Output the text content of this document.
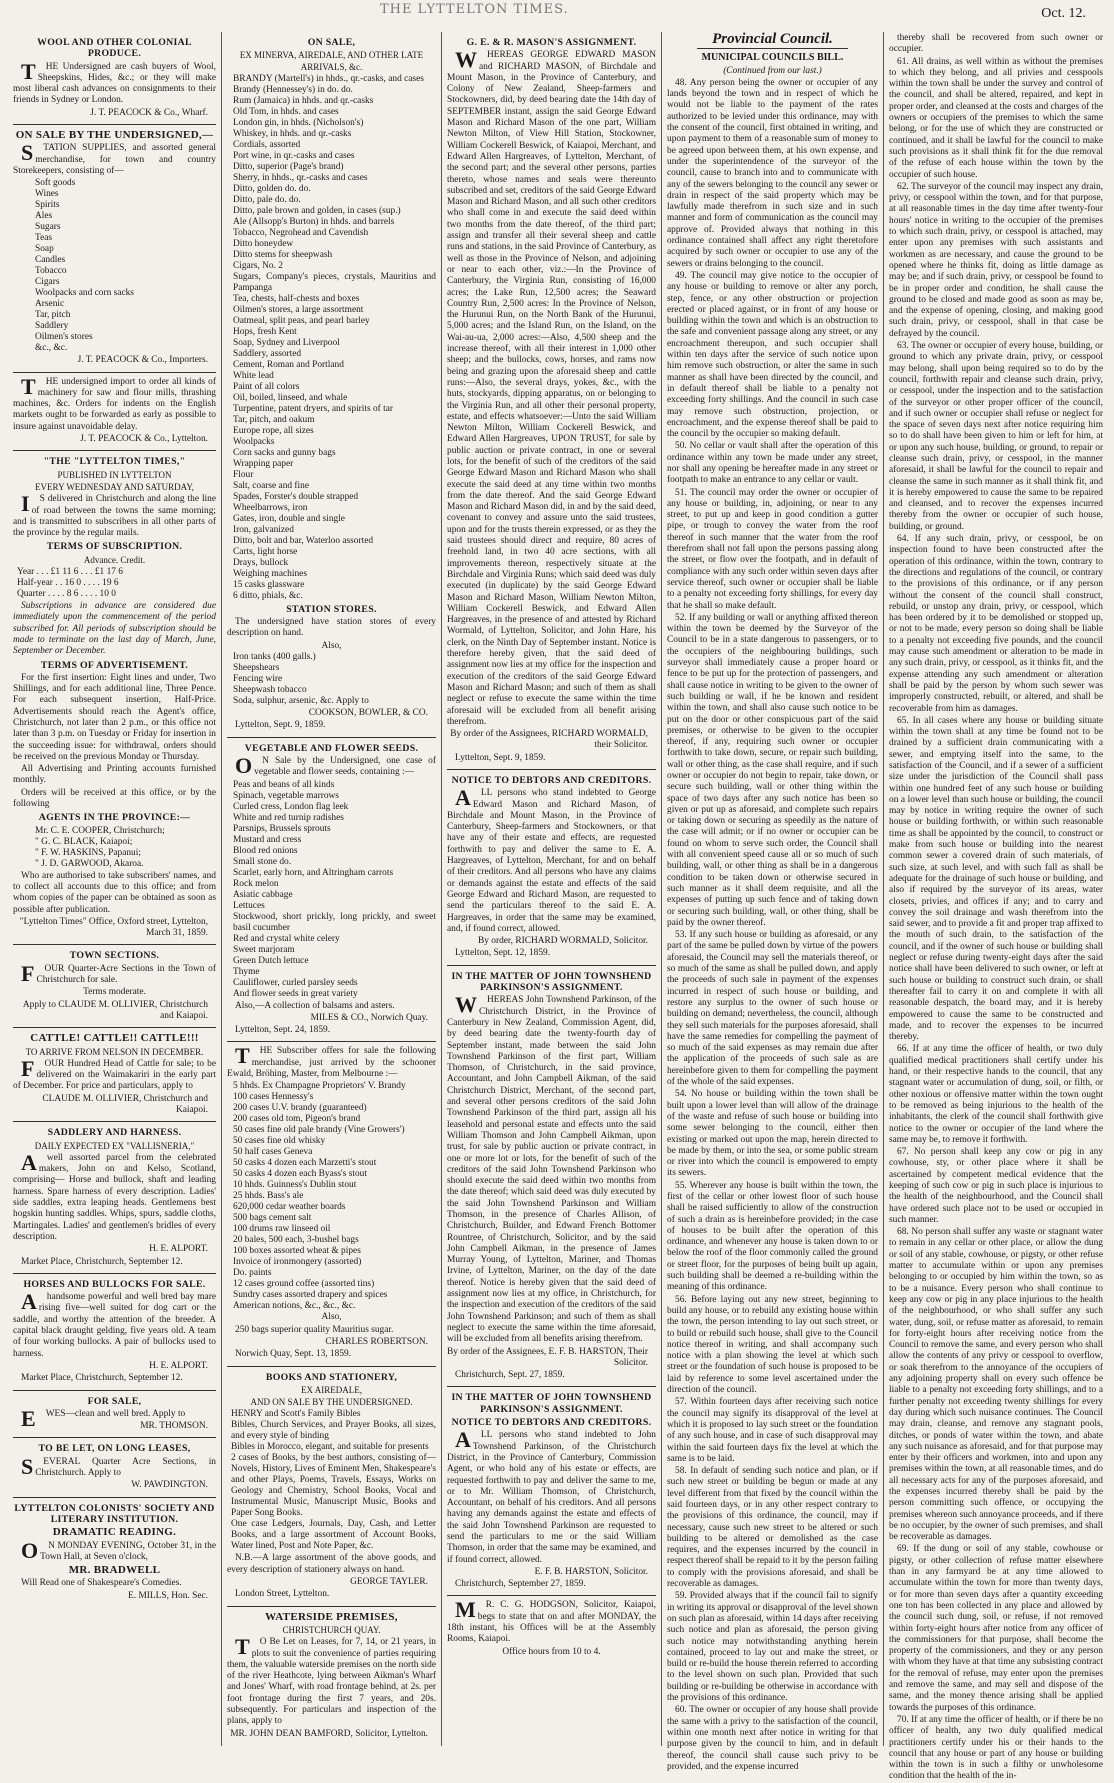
THE LYTTELTON TIMES.	Oct. 12.
WOOL AND OTHER COLONIAL PRODUCE.
THE Undersigned are cash buyers of Wool, Sheepskins, Hides, &c.; or they will make most liberal cash advances on consignments to their friends in Sydney or London.
J. T. PEACOCK & Co., Wharf.
ON SALE BY THE UNDERSIGNED,—
STATION SUPPLIES, and assorted general merchandise, for town and country Storekeepers, consisting of—
Soft goods
Wines
Spirits
Ales
Sugars
Teas
Soap
Candles
Tobacco
Cigars
Woolpacks and corn sacks
Arsenic
Tar, pitch
Saddlery
Oilmen's stores
&c., &c.
J. T. PEACOCK & Co., Importers.
THE undersigned import to order all kinds of machinery for saw and flour mills, thrashing machines, &c. Orders for indents on the English markets ought to be forwarded as early as possible to insure against unavoidable delay.
J. T. PEACOCK & Co., Lyttelton.
"THE "LYTTELTON TIMES,"
PUBLISHED IN LYTTELTON
EVERY WEDNESDAY AND SATURDAY,
IS delivered in Christchurch and along the line of road between the towns the same morning; and is transmitted to subscribers in all other parts of the province by the regular mails.
TERMS OF SUBSCRIPTION.
Advance. Credit.
Year . . . £1 11 6 . . . £1 17 6
Half-year . . 16 0 . . . . 19 6
Quarter . . . . 8 6 . . . . 10 0
Subscriptions in advance are considered due immediately upon the commencement of the period subscribed for. All periods of subscription should be made to terminate on the last day of March, June, September or December.
TERMS OF ADVERTISEMENT.
For the first insertion: Eight lines and under, Two Shillings, and for each additional line, Three Pence. For each subsequent insertion, Half-Price. Advertisements should reach the Agent's office, Christchurch, not later than 2 p.m., or this office not later than 3 p.m. on Tuesday or Friday for insertion in the succeeding issue: for withdrawal, orders should be received on the previous Monday or Thursday.
All Advertising and Printing accounts furnished monthly.
Orders will be received at this office, or by the following
AGENTS IN THE PROVINCE:—
Mr. C. E. COOPER, Christchurch;
" G. C. BLACK, Kaiapoi;
" F. W. HASKINS, Papanui;
" J. D. GARWOOD, Akaroa.
Who are authorised to take subscribers' names, and to collect all accounts due to this office; and from whom copies of the paper can be obtained as soon as possible after publication.
"Lyttelton Times" Office, Oxford street, Lyttelton, March 31, 1859.
TOWN SECTIONS.
FOUR Quarter-Acre Sections in the Town of Christchurch for sale.
Terms moderate.
Apply to CLAUDE M. OLLIVIER, Christchurch and Kaiapoi.
CATTLE! CATTLE!! CATTLE!!!
TO ARRIVE FROM NELSON IN DECEMBER.
FOUR Hundred Head of Cattle for sale; to be delivered on the Waimakariri in the early part of December. For price and particulars, apply to
CLAUDE M. OLLIVIER, Christchurch and Kaiapoi.
SADDLERY AND HARNESS.
DAILY EXPECTED EX "VALLISNERIA,"
Awell assorted parcel from the celebrated makers, John on and Kelso, Scotland, comprising— Horse and bullock, shaft and leading harness. Spare harness of every description. Ladies' side saddles, extra leaping heads. Gentlemens best hogskin hunting saddles. Whips, spurs, saddle cloths, Martingales. Ladies' and gentlemen's bridles of every description.
H. E. ALPORT.
Market Place, Christchurch, September 12.
HORSES AND BULLOCKS FOR SALE.
Ahandsome powerful and well bred bay mare rising five—well suited for dog cart or the saddle, and worthy the attention of the breeder. A capital black draught gelding, five years old. A team of four working bullocks. A pair of bullocks used to harness.
H. E. ALPORT.
Market Place, Christchurch, September 12.
FOR SALE,
EWES—clean and well bred. Apply to
MR. THOMSON.
TO BE LET, ON LONG LEASES,
SEVERAL Quarter Acre Sections, in Christchurch. Apply to
W. PAWDINGTON.
LYTTELTON COLONISTS' SOCIETY AND LITERARY INSTITUTION.
DRAMATIC READING.
ON MONDAY EVENING, October 31, in the Town Hall, at Seven o'clock,
MR. BRADWELL
Will Read one of Shakespeare's Comedies.
E. MILLS, Hon. Sec.
ON SALE,
EX MINERVA, AIREDALE, AND OTHER LATE ARRIVALS, &c.
BRANDY (Martell's) in hhds., qr.-casks, and cases
Brandy (Hennessey's) in do. do.
Rum (Jamaica) in hhds. and qr.-casks
Old Tom, in hhds. and cases
London gin, in hhds. (Nicholson's)
Whiskey, in hhds. and qr.-casks
Cordials, assorted
Port wine, in qr.-casks and cases
Ditto, superior (Page's brand)
Sherry, in hhds., qr.-casks and cases
Ditto, golden do. do.
Ditto, pale do. do.
Ditto, pale brown and golden, in cases (sup.)
Ale (Allsopp's Burton) in hhds. and barrels
Tobacco, Negrohead and Cavendish
Ditto honeydew
Ditto stems for sheepwash
Cigars, No. 2
Sugars, Company's pieces, crystals, Mauritius and Pampanga
Tea, chests, half-chests and boxes
Oilmen's stores, a large assortment
Oatmeal, split peas, and pearl barley
Hops, fresh Kent
Soap, Sydney and Liverpool
Saddlery, assorted
Cement, Roman and Portland
White lead
Paint of all colors
Oil, boiled, linseed, and whale
Turpentine, patent dryers, and spirits of tar
Tar, pitch, and oakum
Europe rope, all sizes
Woolpacks
Corn sacks and gunny bags
Wrapping paper
Flour
Salt, coarse and fine
Spades, Forster's double strapped
Wheelbarrows, iron
Gates, iron, double and single
Iron, galvanized
Ditto, bolt and bar, Waterloo assorted
Carts, light horse
Drays, bullock
Weighing machines
15 casks glassware
6 ditto, phials, &c.
STATION STORES.
The undersigned have station stores of every description on hand.
Also,
Iron tanks (400 galls.)
Sheepshears
Fencing wire
Sheepwash tobacco
Soda, sulphur, arsenic, &c. Apply to
COOKSON, BOWLER, & CO.
Lyttelton, Sept. 9, 1859.
VEGETABLE AND FLOWER SEEDS.
ON Sale by the Undersigned, one case of vegetable and flower seeds, containing :—
Peas and beans of all kinds
Spinach, vegetable marrows
Curled cress, London flag leek
White and red turnip radishes
Parsnips, Brussels sprouts
Mustard and cress
Blood red onions
Small stone do.
Scarlet, early horn, and Altringham carrots
Rock melon
Asiatic cabbage
Lettuces
Stockwood, short prickly, long prickly, and sweet basil cucumber
Red and crystal white celery
Sweet marjoram
Green Dutch lettuce
Thyme
Cauliflower, curled parsley seeds
And flower seeds in great variety
Also,—A collection of balsams and asters.
MILES & CO., Norwich Quay.
Lyttelton, Sept. 24, 1859.
THE Subscriber offers for sale the following merchandise, just arrived by the schooner Ewald, Bröhing, Master, from Melbourne :—
5 hhds. Ex Champagne Proprietors' V. Brandy
100 cases Hennessy's
200 cases U.V. brandy (guaranteed)
200 cases old tom, Pigeon's brand
50 cases fine old pale brandy (Vine Growers')
50 cases fine old whisky
50 half cases Geneva
50 casks 4 dozen each Marzetti's stout
50 casks 4 dozen each Byass's stout
10 hhds. Guinness's Dublin stout
25 hhds. Bass's ale
620,000 cedar weather boards
500 bags cement salt
100 drums raw linseed oil
20 bales, 500 each, 3-bushel bags
100 boxes assorted wheat & pipes
Invoice of ironmongery (assorted)
Do. paints
12 cases ground coffee (assorted tins)
Sundry cases assorted drapery and spices
American notions, &c., &c., &c.
Also,
250 bags superior quality Mauritius sugar.
CHARLES ROBERTSON.
Norwich Quay, Sept. 13, 1859.
BOOKS AND STATIONERY,
EX AIREDALE,
AND ON SALE BY THE UNDERSIGNED.
HENRY and Scott's Family Bibles
Bibles, Church Services, and Prayer Books, all sizes, and every style of binding
Bibles in Morocco, elegant, and suitable for presents
2 cases of Books, by the best authors, consisting of—Novels, History, Lives of Eminent Men, Shakespeare's and other Plays, Poems, Travels, Essays, Works on Geology and Chemistry, School Books, Vocal and Instrumental Music, Manuscript Music, Books and Paper Song Books.
One case Ledgers, Journals, Day, Cash, and Letter Books, and a large assortment of Account Books, Water lined, Post and Note Paper, &c.
N.B.—A large assortment of the above goods, and every description of stationery always on hand.
GEORGE TAYLER.
London Street, Lyttelton.
WATERSIDE PREMISES,
CHRISTCHURCH QUAY.
TO Be Let on Leases, for 7, 14, or 21 years, in plots to suit the convenience of parties requiring them, the valuable waterside premises on the north side of the river Heathcote, lying between Aikman's Wharf and Jones' Wharf, with road frontage behind, at 2s. per foot frontage during the first 7 years, and 20s. subsequently. For particulars and inspection of the plans, apply to
MR. JOHN DEAN BAMFORD, Solicitor, Lyttelton.
G. E. & R. MASON'S ASSIGNMENT.
WHEREAS GEORGE EDWARD MASON and RICHARD MASON, of Birchdale and Mount Mason, in the Province of Canterbury, and Colony of New Zealand, Sheep-farmers and Stockowners, did, by deed bearing date the 14th day of SEPTEMBER instant, assign the said George Edward Mason and Richard Mason of the one part, William Newton Milton, of View Hill Station, Stockowner, William Cockerell Beswick, of Kaiapoi, Merchant, and Edward Allen Hargreaves, of Lyttelton, Merchant, of the second part; and the several other persons, parties thereto, whose names and seals were thereunto subscribed and set, creditors of the said George Edward Mason and Richard Mason, and all such other creditors who shall come in and execute the said deed within two months from the date thereof, of the third part; assign and transfer all their several sheep and cattle runs and stations, in the said Province of Canterbury, as well as those in the Province of Nelson, and adjoining or near to each other, viz.:—In the Province of Canterbury, the Virginia Run, consisting of 16,000 acres; the Lake Run, 12,500 acres; the Seaward Country Run, 2,500 acres: In the Province of Nelson, the Hurunui Run, on the North Bank of the Hurunui, 5,000 acres; and the Island Run, on the Island, on the Wai-au-ua, 2,000 acres:—Also, 4,500 sheep and the increase thereof, with all their interest in 1,000 other sheep; and the bullocks, cows, horses, and rams now being and grazing upon the aforesaid sheep and cattle runs:—Also, the several drays, yokes, &c., with the huts, stockyards, dipping apparatus, on or belonging to the Virginia Run, and all other their personal property, estate, and effects whatsoever:—Unto the said William Newton Milton, William Cockerell Beswick, and Edward Allen Hargreaves, UPON TRUST, for sale by public auction or private contract, in one or several lots, for the benefit of such of the creditors of the said George Edward Mason and Richard Mason who shall execute the said deed at any time within two months from the date thereof. And the said George Edward Mason and Richard Mason did, in and by the said deed, covenant to convey and assure unto the said trustees, upon and for the trusts therein expressed, or as they the said trustees should direct and require, 80 acres of freehold land, in two 40 acre sections, with all improvements thereon, respectively situate at the Birchdale and Virginia Runs; which said deed was duly executed (in duplicate) by the said George Edward Mason and Richard Mason, William Newton Milton, William Cockerell Beswick, and Edward Allen Hargreaves, in the presence of and attested by Richard Wormald, of Lyttelton, Solicitor, and John Hare, his clerk, on the Ninth Day of September instant. Notice is therefore hereby given, that the said deed of assignment now lies at my office for the inspection and execution of the creditors of the said George Edward Mason and Richard Mason; and such of them as shall neglect or refuse to execute the same within the time aforesaid will be excluded from all benefit arising therefrom.
By order of the Assignees, RICHARD WORMALD, their Solicitor.
Lyttelton, Sept. 9, 1859.
NOTICE TO DEBTORS AND CREDITORS.
ALL persons who stand indebted to George Edward Mason and Richard Mason, of Birchdale and Mount Mason, in the Province of Canterbury, Sheep-farmers and Stockowners, or that have any of their estate and effects, are requested forthwith to pay and deliver the same to E. A. Hargreaves, of Lyttelton, Merchant, for and on behalf of their creditors. And all persons who have any claims or demands against the estate and effects of the said George Edward and Richard Mason, are requested to send the particulars thereof to the said E. A. Hargreaves, in order that the same may be examined, and, if found correct, allowed.
By order, RICHARD WORMALD, Solicitor.
Lyttelton, Sept. 12, 1859.
IN THE MATTER OF JOHN TOWNSHEND PARKINSON'S ASSIGNMENT.
WHEREAS John Townshend Parkinson, of the Christchurch District, in the Province of Canterbury in New Zealand, Commission Agent, did, by deed bearing date the twenty-fourth day of September instant, made between the said John Townshend Parkinson of the first part, William Thomson, of Christchurch, in the said province, Accountant, and John Campbell Aikman, of the said Christchurch District, Merchant, of the second part, and several other persons creditors of the said John Townshend Parkinson of the third part, assign all his leasehold and personal estate and effects unto the said William Thomson and John Campbell Aikman, upon trust, for sale by public auction or private contract, in one or more lot or lots, for the benefit of such of the creditors of the said John Townshend Parkinson who should execute the said deed within two months from the date thereof; which said deed was duly executed by the said John Townshend Parkinson and William Thomson, in the presence of Charles Allison, of Christchurch, Builder, and Edward French Bottomer Rountree, of Christchurch, Solicitor, and by the said John Campbell Aikman, in the presence of James Murray Young, of Lyttelton, Mariner, and Thomas Irvine, of Lyttelton, Mariner, on the day of the date thereof. Notice is hereby given that the said deed of assignment now lies at my office, in Christchurch, for the inspection and execution of the creditors of the said John Townshend Parkinson; and such of them as shall neglect to execute the same within the time aforesaid, will be excluded from all benefits arising therefrom.
By order of the Assignees, E. F. B. HARSTON, Their Solicitor.
Christchurch, Sept. 27, 1859.
IN THE MATTER OF JOHN TOWNSHEND PARKINSON'S ASSIGNMENT.
NOTICE TO DEBTORS AND CREDITORS.
ALL persons who stand indebted to John Townshend Parkinson, of the Christchurch District, in the Province of Canterbury, Commission Agent, or who hold any of his estate or effects, are requested forthwith to pay and deliver the same to me, or to Mr. William Thomson, of Christchurch, Accountant, on behalf of his creditors. And all persons having any demands against the estate and effects of the said John Townshend Parkinson are requested to send the particulars to me or the said William Thomson, in order that the same may be examined, and if found correct, allowed.
E. F. B. HARSTON, Solicitor.
Christchurch, September 27, 1859.
MR. C. G. HODGSON, Solicitor, Kaiapoi, begs to state that on and after MONDAY, the 18th instant, his Offices will be at the Assembly Rooms, Kaiapoi.
Office hours from 10 to 4.
Provincial Council.
MUNICIPAL COUNCILS BILL.
(Continued from our last.)
48. Any person being the owner or occupier of any lands beyond the town and in respect of which he would not be liable to the payment of the rates authorized to be levied under this ordinance, may with the consent of the council, first obtained in writing, and upon payment to them of a reasonable sum of money to be agreed upon between them, at his own expense, and under the superintendence of the surveyor of the council, cause to branch into and to communicate with any of the sewers belonging to the council any sewer or drain in respect of the said property which may be lawfully made therefrom in such size and in such manner and form of communication as the council may approve of. Provided always that nothing in this ordinance contained shall affect any right theretofore acquired by such owner or occupier to use any of the sewers or drains belonging to the council.
49. The council may give notice to the occupier of any house or building to remove or alter any porch, step, fence, or any other obstruction or projection erected or placed against, or in front of any house or building within the town and which is an obstruction to the safe and convenient passage along any street, or any encroachment thereupon, and such occupier shall within ten days after the service of such notice upon him remove such obstruction, or alter the same in such manner as shall have been directed by the council, and in default thereof shall be liable to a penalty not exceeding forty shillings. And the council in such case may remove such obstruction, projection, or encroachment, and the expense thereof shall be paid to the council by the occupier so making default.
50. No cellar or vault shall after the operation of this ordinance within any town be made under any street, nor shall any opening be hereafter made in any street or footpath to make an entrance to any cellar or vault.
51. The council may order the owner or occupier of any house or building, in, adjoining, or near to any street, to put up and keep in good condition a gutter pipe, or trough to convey the water from the roof thereof in such manner that the water from the roof therefrom shall not fall upon the persons passing along the street, or flow over the footpath, and in default of compliance with any such order within seven days after service thereof, such owner or occupier shall be liable to a penalty not exceeding forty shillings, for every day that he shall so make default.
52. If any building or wall or anything affixed thereon within the town be deemed by the Surveyor of the Council to be in a state dangerous to passengers, or to the occupiers of the neighbouring buildings, such surveyor shall immediately cause a proper hoard or fence to be put up for the protection of passengers, and shall cause notice in writing to be given to the owner of such building or wall, if he be known and resident within the town, and shall also cause such notice to be put on the door or other conspicuous part of the said premises, or otherwise to be given to the occupier thereof, if any, requiring such owner or occupier forthwith to take down, secure, or repair such building, wall or other thing, as the case shall require, and if such owner or occupier do not begin to repair, take down, or secure such building, wall or other thing within the space of two days after any such notice has been so given or put up as aforesaid, and complete such repairs or taking down or securing as speedily as the nature of the case will admit; or if no owner or occupier can be found on whom to serve such order, the Council shall with all convenient speed cause all or so much of such building, wall, or other thing as shall be in a dangerous condition to be taken down or otherwise secured in such manner as it shall deem requisite, and all the expenses of putting up such fence and of taking down or securing such building, wall, or other thing, shall be paid by the owner thereof.
53. If any such house or building as aforesaid, or any part of the same be pulled down by virtue of the powers aforesaid, the Council may sell the materials thereof, or so much of the same as shall be pulled down, and apply the proceeds of such sale in payment of the expenses incurred in respect of such house or building, and restore any surplus to the owner of such house or building on demand; nevertheless, the council, although they sell such materials for the purposes aforesaid, shall have the same remedies for compelling the payment of so much of the said expenses as may remain due after the application of the proceeds of such sale as are hereinbefore given to them for compelling the payment of the whole of the said expenses.
54. No house or building within the town shall be built upon a lower level than will allow of the drainage of the waste and refuse of such house or building into some sewer belonging to the council, either then existing or marked out upon the map, herein directed to be made by them, or into the sea, or some public stream or river into which the council is empowered to empty its sewers.
55. Wherever any house is built within the town, the first of the cellar or other lowest floor of such house shall be raised sufficiently to allow of the construction of such a drain as is hereinbefore provided; in the case of houses to be built after the operation of this ordinance, and whenever any house is taken down to or below the roof of the floor commonly called the ground or street floor, for the purposes of being built up again, such building shall be deemed a re-building within the meaning of this ordinance.
56. Before laying out any new street, beginning to build any house, or to rebuild any existing house within the town, the person intending to lay out such street, or to build or rebuild such house, shall give to the Council notice thereof in writing, and shall accompany such notice with a plan showing the level at which such street or the foundation of such house is proposed to be laid by reference to some level ascertained under the direction of the council.
57. Within fourteen days after receiving such notice the council may signify its disapproval of the level at which it is proposed to lay such street or the foundation of any such house, and in case of such disapproval may within the said fourteen days fix the level at which the same is to be laid.
58. In default of sending such notice and plan, or if such new street or building be begun or made at any level different from that fixed by the council within the said fourteen days, or in any other respect contrary to the provisions of this ordinance, the council, may if necessary, cause such new street to be altered or such building to be altered or demolished as the case requires, and the expenses incurred by the council in respect thereof shall be repaid to it by the person failing to comply with the provisions aforesaid, and shall be recoverable as damages.
59. Provided always that if the council fail to signify in writing its approval or disapproval of the level shown on such plan as aforesaid, within 14 days after receiving such notice and plan as aforesaid, the person giving such notice may notwithstanding anything herein contained, proceed to lay out and make the street, or build or re-build the house therein referred to according to the level shown on such plan. Provided that such building or re-building be otherwise in accordance with the provisions of this ordinance.
60. The owner or occupier of any house shall provide the same with a privy to the satisfaction of the council, within one month next after notice in writing for that purpose given by the council to him, and in default thereof, the council shall cause such privy to be provided, and the expense incurred
thereby shall be recovered from such owner or occupier.
61. All drains, as well within as without the premises to which they belong, and all privies and cesspools within the town shall be under the survey and control of the council, and shall be altered, repaired, and kept in proper order, and cleansed at the costs and charges of the owners or occupiers of the premises to which the same belong, or for the use of which they are constructed or continued, and it shall be lawful for the council to make such provisions as it shall think fit for the due removal of the refuse of each house within the town by the occupier of such house.
62. The surveyor of the council may inspect any drain, privy, or cesspool within the town, and for that purpose, at all reasonable times in the day time after twenty-four hours' notice in writing to the occupier of the premises to which such drain, privy, or cesspool is attached, may enter upon any premises with such assistants and workmen as are necessary, and cause the ground to be opened where he thinks fit, doing as little damage as may be; and if such drain, privy, or cesspool be found to be in proper order and condition, he shall cause the ground to be closed and made good as soon as may be, and the expense of opening, closing, and making good such drain, privy, or cesspool, shall in that case be defrayed by the council.
63. The owner or occupier of every house, building, or ground to which any private drain, privy, or cesspool may belong, shall upon being required so to do by the council, forthwith repair and cleanse such drain, privy, or cesspool, under the inspection and to the satisfaction of the surveyor or other proper officer of the council, and if such owner or occupier shall refuse or neglect for the space of seven days next after notice requiring him so to do shall have been given to him or left for him, at or upon any such house, building, or ground, to repair or cleanse such drain, privy, or cesspool, in the manner aforesaid, it shall be lawful for the council to repair and cleanse the same in such manner as it shall think fit, and it is hereby empowered to cause the same to be repaired and cleansed, and to recover the expenses incurred thereby from the owner or occupier of such house, building, or ground.
64. If any such drain, privy, or cesspool, be on inspection found to have been constructed after the operation of this ordinance, within the town, contrary to the directions and regulations of the council, or contrary to the provisions of this ordinance, or if any person without the consent of the council shall construct, rebuild, or unstop any drain, privy, or cesspool, which has been ordered by it to be demolished or stopped up, or not to be made, every person so doing shall be liable to a penalty not exceeding five pounds, and the council may cause such amendment or alteration to be made in any such drain, privy, or cesspool, as it thinks fit, and the expense attending any such amendment or alteration shall be paid by the person by whom such sewer was improperly constructed, rebuilt, or altered, and shall be recoverable from him as damages.
65. In all cases where any house or building situate within the town shall at any time be found not to be drained by a sufficient drain communicating with a sewer, and emptying itself into the same, to the satisfaction of the Council, and if a sewer of a sufficient size under the jurisdiction of the Council shall pass within one hundred feet of any such house or building on a lower level than such house or building, the council may by notice in writing require the owner of such house or building forthwith, or within such reasonable time as shall be appointed by the council, to construct or make from such house or building into the nearest common sewer a covered drain of such materials, of such size, at such level, and with such fall as shall be adequate for the drainage of such house or building, and also if required by the surveyor of its areas, water closets, privies, and offices if any; and to carry and convey the soil drainage and wash therefrom into the said sewer, and to provide a fit and proper trap affixed to the mouth of such drain, to the satisfaction of the council, and if the owner of such house or building shall neglect or refuse during twenty-eight days after the said notice shall have been delivered to such owner, or left at such house or building to construct such drain, or shall thereafter fail to carry it on and complete it with all reasonable despatch, the board may, and it is hereby empowered to cause the same to be constructed and made, and to recover the expenses to be incurred thereby.
66. If at any time the officer of health, or two duly qualified medical practitioners shall certify under his hand, or their respective hands to the council, that any stagnant water or accumulation of dung, soil, or filth, or other noxious or offensive matter within the town ought to be removed as being injurious to the health of the inhabitants, the clerk of the council shall forthwith give notice to the owner or occupier of the land where the same may be, to remove it forthwith.
67. No person shall keep any cow or pig in any cowhouse, sty, or other place where it shall be ascertained by competent medical evidence that the keeping of such cow or pig in such place is injurious to the health of the neighbourhood, and the Council shall have ordered such place not to be used or occupied in such manner.
68. No person shall suffer any waste or stagnant water to remain in any cellar or other place, or allow the dung or soil of any stable, cowhouse, or pigsty, or other refuse matter to accumulate within or upon any premises belonging to or occupied by him within the town, so as to be a nuisance. Every person who shall continue to keep any cow or pig in any place injurious to the health of the neighbourhood, or who shall suffer any such water, dung, soil, or refuse matter as aforesaid, to remain for forty-eight hours after receiving notice from the Council to remove the same, and every person who shall allow the contents of any privy or cesspool to overflow, or soak therefrom to the annoyance of the occupiers of any adjoining property shall on every such offence be liable to a penalty not exceeding forty shillings, and to a further penalty not exceeding twenty shillings for every day during which such nuisance continues. The Council may drain, cleanse, and remove any stagnant pools, ditches, or ponds of water within the town, and abate any such nuisance as aforesaid, and for that purpose may enter by their officers and workmen, into and upon any premises within the town, at all reasonable times, and do all necessary acts for any of the purposes aforesaid, and the expenses incurred thereby shall be paid by the person committing such offence, or occupying the premises whereon such annoyance proceeds, and if there be no occupier, by the owner of such premises, and shall be recoverable as damages.
69. If the dung or soil of any stable, cowhouse or pigsty, or other collection of refuse matter elsewhere than in any farmyard be at any time allowed to accumulate within the town for more than twenty days, or for more than seven days after a quantity exceeding one ton has been collected in any place and allowed by the council such dung, soil, or refuse, if not removed within forty-eight hours after notice from any officer of the commissioners for that purpose, shall become the property of the commissioners, and they or any person with whom they have at that time any subsisting contract for the removal of refuse, may enter upon the premises and remove the same, and may sell and dispose of the same, and the money thence arising shall be applied towards the purposes of this ordinance.
70. If at any time the officer of health, or if there be no officer of health, any two duly qualified medical practitioners certify under his or their hands to the council that any house or part of any house or building within the town is in such a filthy or unwholesome condition that the health of the in-
